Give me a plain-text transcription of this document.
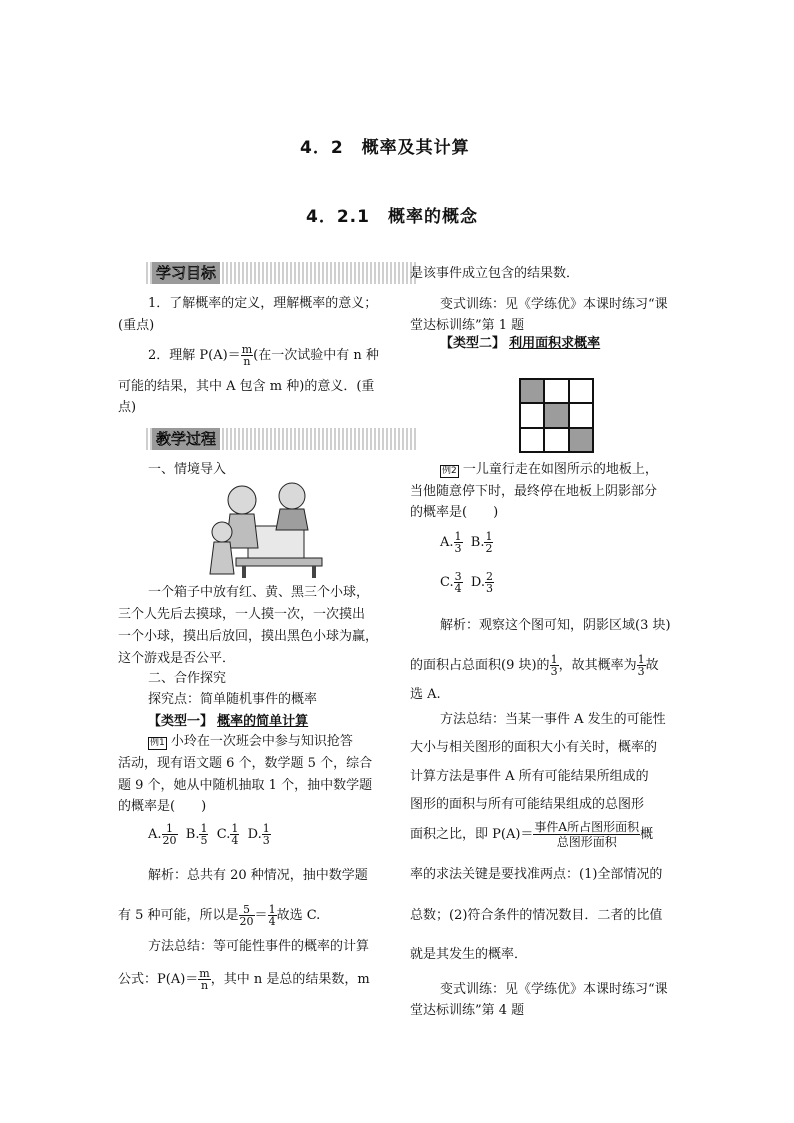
4．2　概率及其计算
4．2.1　概率的概念
学习目标
1．了解概率的定义，理解概率的意义；
(重点)
2．理解 $P(A)= \frac{m}{n}$ (在一次试验中有 n 种
可能的结果，其中 A 包含 m 种)的意义．(重
点)
教学过程
一、情境导入
一个箱子中放有红、黄、黑三个小球，
三个人先后去摸球，一人摸一次，一次摸出
一个小球，摸出后放回，摸出黑色小球为赢，
这个游戏是否公平．
二、合作探究
探究点：简单随机事件的概率
【类型一】 概率的简单计算
例1 小玲在一次班会中参与知识抢答
活动，现有语文题 6 个，数学题 5 个，综合
题 9 个，她从中随机抽取 1 个，抽中数学题
的概率是(　　)
A. $\frac{1}{20} B$. $\frac{1}{5} C$. $\frac{1}{4} D$. $\frac{1}{3}$
解析：总共有 20 种情况，抽中数学题
有 5 种可能，所以是 $\frac{5}{20} = \frac{1}{4}$ 故选 C.
方法总结：等可能性事件的概率的计算
公式：$P(A)= \frac{m}{n}$ ，其中 n 是总的结果数，m
是该事件成立包含的结果数．
变式训练：见《学练优》本课时练习“课
堂达标训练”第 1 题
【类型二】 利用面积求概率
例2 一儿童行走在如图所示的地板上，
当他随意停下时，最终停在地板上阴影部分
的概率是(　　)
A. $\frac{1}{3} B$. $\frac{1}{2}$
C. $\frac{3}{4} D$. $\frac{2}{3}$
解析：观察这个图可知，阴影区域(3 块)
的面积占总面积(9 块)的 $\frac{1}{3}$ ，故其概率为 $\frac{1}{3}$ 故
选 A.
方法总结：当某一事件 A 发生的可能性
大小与相关图形的面积大小有关时，概率的
计算方法是事件 A 所有可能结果所组成的
图形的面积与所有可能结果组成的总图形
面积之比，即 $P(A)= \frac{\text{事件A所占图形面积}}{\text{总图形面积}}$ 概
率的求法关键是要找准两点：(1)全部情况的
总数；(2)符合条件的情况数目．二者的比值
就是其发生的概率．
变式训练：见《学练优》本课时练习“课
堂达标训练”第 4 题
